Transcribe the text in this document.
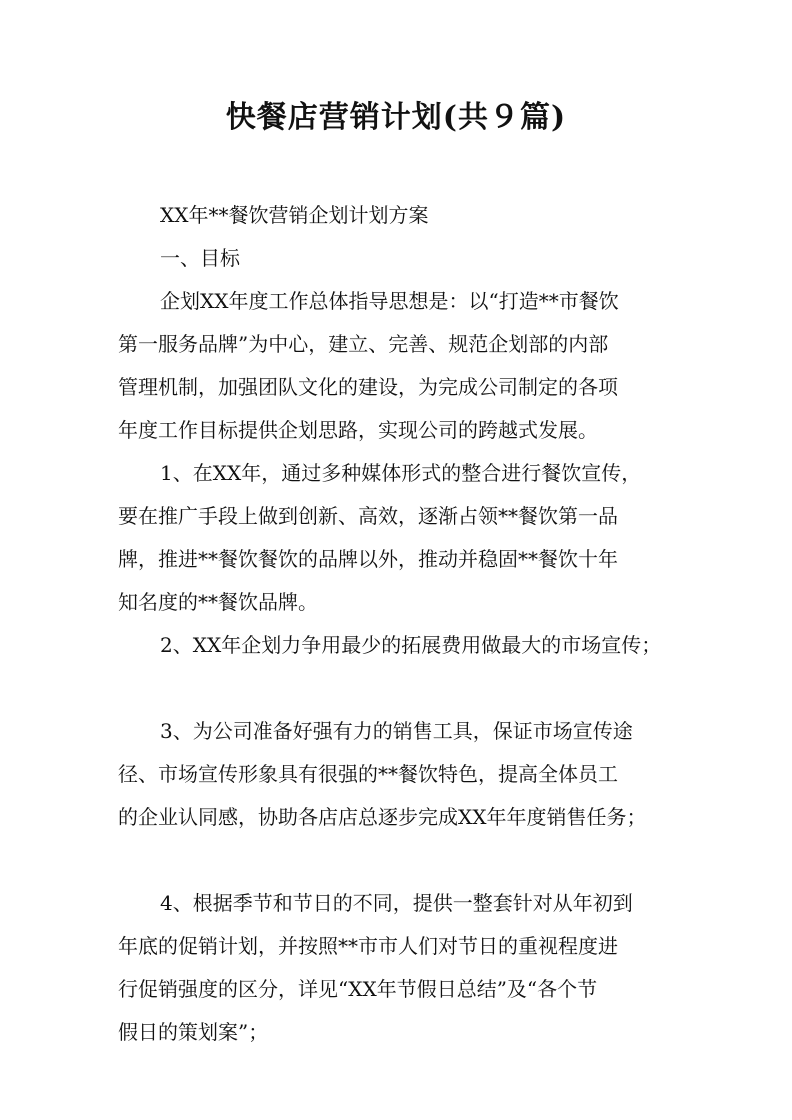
快餐店营销计划(共９篇)
XX年**餐饮营销企划计划方案
一、目标
企划XX年度工作总体指导思想是：以“打造**市餐饮
第一服务品牌”为中心，建立、完善、规范企划部的内部
管理机制，加强团队文化的建设，为完成公司制定的各项
年度工作目标提供企划思路，实现公司的跨越式发展。
1、在XX年，通过多种媒体形式的整合进行餐饮宣传，
要在推广手段上做到创新、高效，逐渐占领**餐饮第一品
牌，推进**餐饮餐饮的品牌以外，推动并稳固**餐饮十年
知名度的**餐饮品牌。
2、XX年企划力争用最少的拓展费用做最大的市场宣传；
3、为公司准备好强有力的销售工具，保证市场宣传途
径、市场宣传形象具有很强的**餐饮特色，提高全体员工
的企业认同感，协助各店店总逐步完成XX年年度销售任务；
4、根据季节和节日的不同，提供一整套针对从年初到
年底的促销计划，并按照**市市人们对节日的重视程度进
行促销强度的区分，详见“XX年节假日总结”及“各个节
假日的策划案”；
